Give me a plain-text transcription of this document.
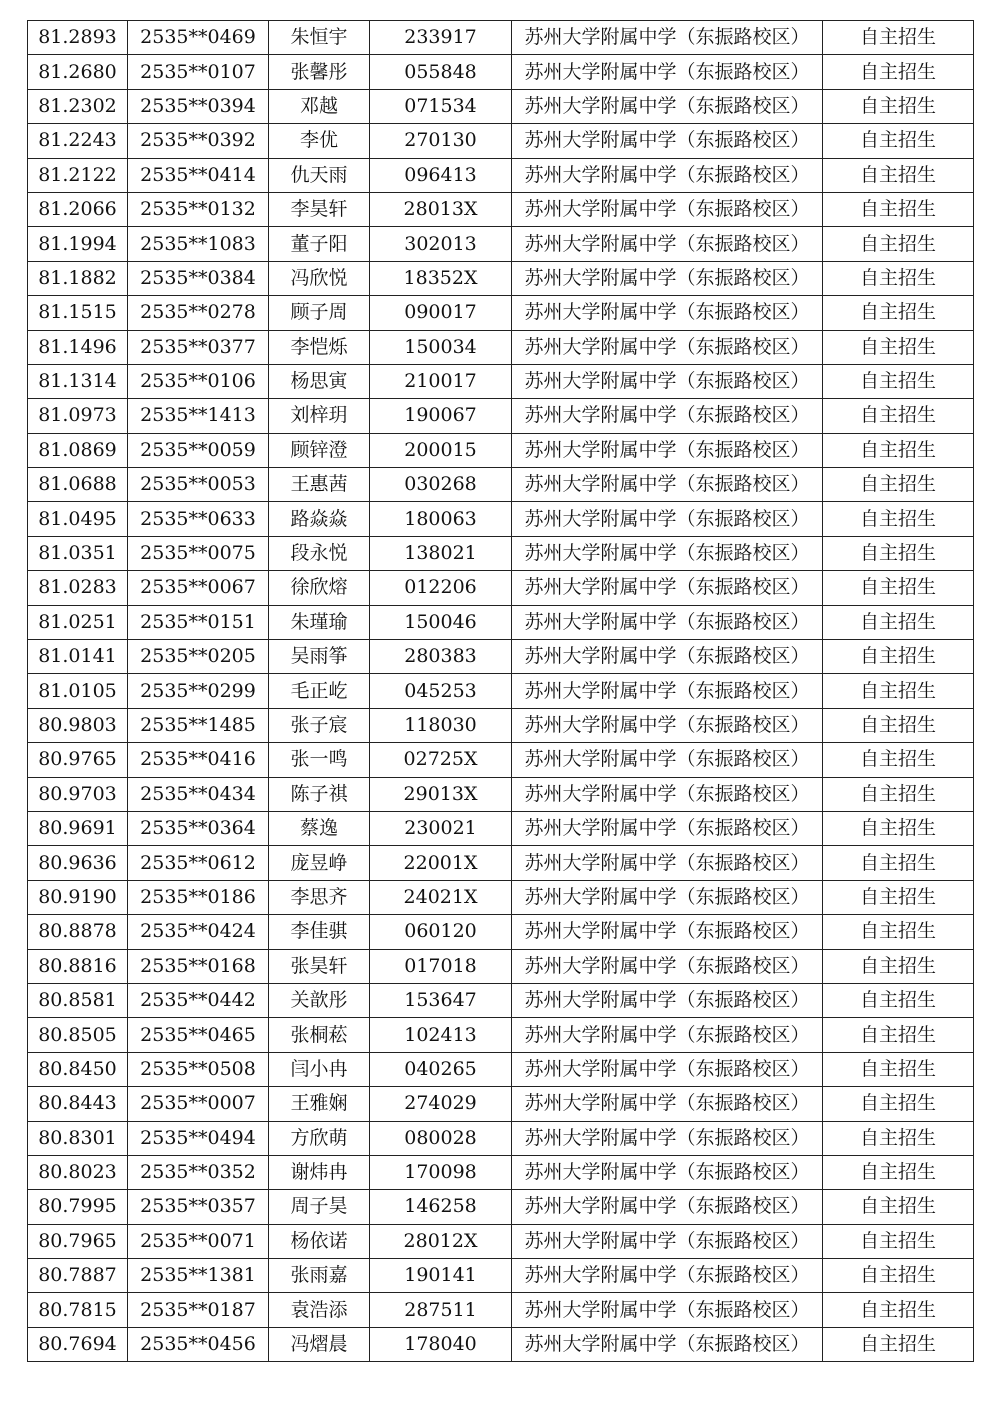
81.2893	2535**0469	朱恒宇	233917	苏州大学附属中学（东振路校区）	自主招生
81.2680	2535**0107	张馨彤	055848	苏州大学附属中学（东振路校区）	自主招生
81.2302	2535**0394	邓越	071534	苏州大学附属中学（东振路校区）	自主招生
81.2243	2535**0392	李优	270130	苏州大学附属中学（东振路校区）	自主招生
81.2122	2535**0414	仇天雨	096413	苏州大学附属中学（东振路校区）	自主招生
81.2066	2535**0132	李昊轩	28013X	苏州大学附属中学（东振路校区）	自主招生
81.1994	2535**1083	董子阳	302013	苏州大学附属中学（东振路校区）	自主招生
81.1882	2535**0384	冯欣悦	18352X	苏州大学附属中学（东振路校区）	自主招生
81.1515	2535**0278	顾子周	090017	苏州大学附属中学（东振路校区）	自主招生
81.1496	2535**0377	李恺烁	150034	苏州大学附属中学（东振路校区）	自主招生
81.1314	2535**0106	杨思寅	210017	苏州大学附属中学（东振路校区）	自主招生
81.0973	2535**1413	刘梓玥	190067	苏州大学附属中学（东振路校区）	自主招生
81.0869	2535**0059	顾锌澄	200015	苏州大学附属中学（东振路校区）	自主招生
81.0688	2535**0053	王惠茜	030268	苏州大学附属中学（东振路校区）	自主招生
81.0495	2535**0633	路焱焱	180063	苏州大学附属中学（东振路校区）	自主招生
81.0351	2535**0075	段永悦	138021	苏州大学附属中学（东振路校区）	自主招生
81.0283	2535**0067	徐欣熔	012206	苏州大学附属中学（东振路校区）	自主招生
81.0251	2535**0151	朱瑾瑜	150046	苏州大学附属中学（东振路校区）	自主招生
81.0141	2535**0205	吴雨筝	280383	苏州大学附属中学（东振路校区）	自主招生
81.0105	2535**0299	毛正屹	045253	苏州大学附属中学（东振路校区）	自主招生
80.9803	2535**1485	张子宸	118030	苏州大学附属中学（东振路校区）	自主招生
80.9765	2535**0416	张一鸣	02725X	苏州大学附属中学（东振路校区）	自主招生
80.9703	2535**0434	陈子祺	29013X	苏州大学附属中学（东振路校区）	自主招生
80.9691	2535**0364	蔡逸	230021	苏州大学附属中学（东振路校区）	自主招生
80.9636	2535**0612	庞昱峥	22001X	苏州大学附属中学（东振路校区）	自主招生
80.9190	2535**0186	李思齐	24021X	苏州大学附属中学（东振路校区）	自主招生
80.8878	2535**0424	李佳骐	060120	苏州大学附属中学（东振路校区）	自主招生
80.8816	2535**0168	张昊轩	017018	苏州大学附属中学（东振路校区）	自主招生
80.8581	2535**0442	关歆彤	153647	苏州大学附属中学（东振路校区）	自主招生
80.8505	2535**0465	张桐菘	102413	苏州大学附属中学（东振路校区）	自主招生
80.8450	2535**0508	闫小冉	040265	苏州大学附属中学（东振路校区）	自主招生
80.8443	2535**0007	王雅娴	274029	苏州大学附属中学（东振路校区）	自主招生
80.8301	2535**0494	方欣萌	080028	苏州大学附属中学（东振路校区）	自主招生
80.8023	2535**0352	谢炜冉	170098	苏州大学附属中学（东振路校区）	自主招生
80.7995	2535**0357	周子昊	146258	苏州大学附属中学（东振路校区）	自主招生
80.7965	2535**0071	杨依诺	28012X	苏州大学附属中学（东振路校区）	自主招生
80.7887	2535**1381	张雨嘉	190141	苏州大学附属中学（东振路校区）	自主招生
80.7815	2535**0187	袁浩添	287511	苏州大学附属中学（东振路校区）	自主招生
80.7694	2535**0456	冯熠晨	178040	苏州大学附属中学（东振路校区）	自主招生
